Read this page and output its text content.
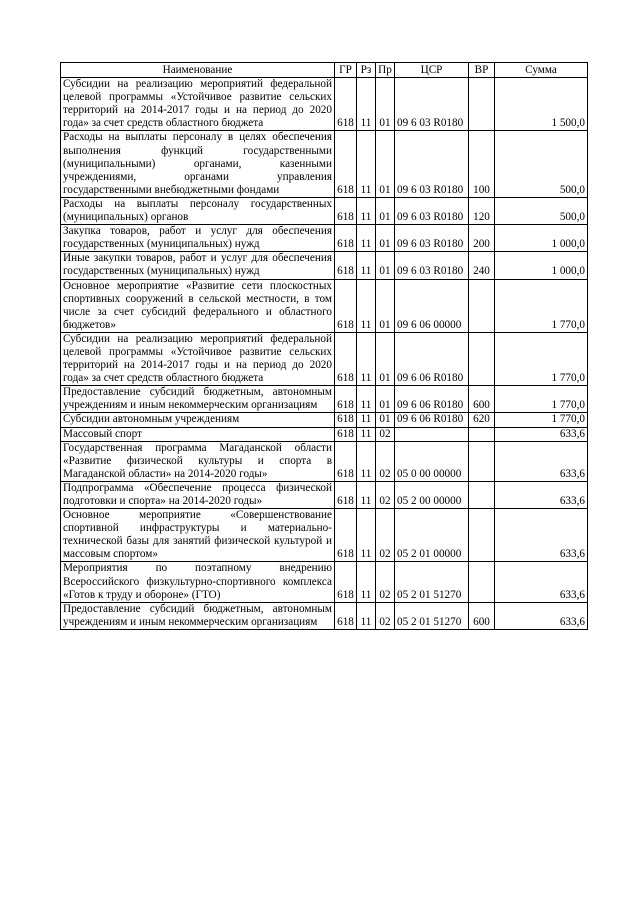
Наименование	ГР	Рз	Пр	ЦСР	ВР	Сумма
Субсидии на реализацию мероприятий федеральной целевой программы «Устойчивое развитие сельских территорий на 2014-2017 годы и на период до 2020 года» за счет средств областного бюджета	618	11	01	09 6 03 R0180		1 500,0
Расходы на выплаты персоналу в целях обеспечения выполнения функций государственными (муниципальными) органами, казенными учреждениями, органами управления государственными внебюджетными фондами	618	11	01	09 6 03 R0180	100	500,0
Расходы на выплаты персоналу государственных (муниципальных) органов	618	11	01	09 6 03 R0180	120	500,0
Закупка товаров, работ и услуг для обеспечения государственных (муниципальных) нужд	618	11	01	09 6 03 R0180	200	1 000,0
Иные закупки товаров, работ и услуг для обеспечения государственных (муниципальных) нужд	618	11	01	09 6 03 R0180	240	1 000,0
Основное мероприятие «Развитие сети плоскостных спортивных сооружений в сельской местности, в том числе за счет субсидий федерального и областного бюджетов»	618	11	01	09 6 06 00000		1 770,0
Субсидии на реализацию мероприятий федеральной целевой программы «Устойчивое развитие сельских территорий на 2014-2017 годы и на период до 2020 года» за счет средств областного бюджета	618	11	01	09 6 06 R0180		1 770,0
Предоставление субсидий бюджетным, автономным учреждениям и иным некоммерческим организациям	618	11	01	09 6 06 R0180	600	1 770,0
Субсидии автономным учреждениям	618	11	01	09 6 06 R0180	620	1 770,0
Массовый спорт	618	11	02			633,6
Государственная программа Магаданской области «Развитие физической культуры и спорта в Магаданской области» на 2014-2020 годы»	618	11	02	05 0 00 00000		633,6
Подпрограмма «Обеспечение процесса физической подготовки и спорта» на 2014-2020 годы»	618	11	02	05 2 00 00000		633,6
Основное мероприятие «Совершенствование спортивной инфраструктуры и материально-технической базы для занятий физической культурой и массовым спортом»	618	11	02	05 2 01 00000		633,6
Мероприятия по поэтапному внедрению Всероссийского физкультурно-спортивного комплекса «Готов к труду и обороне» (ГТО)	618	11	02	05 2 01 51270		633,6
Предоставление субсидий бюджетным, автономным учреждениям и иным некоммерческим организациям	618	11	02	05 2 01 51270	600	633,6
